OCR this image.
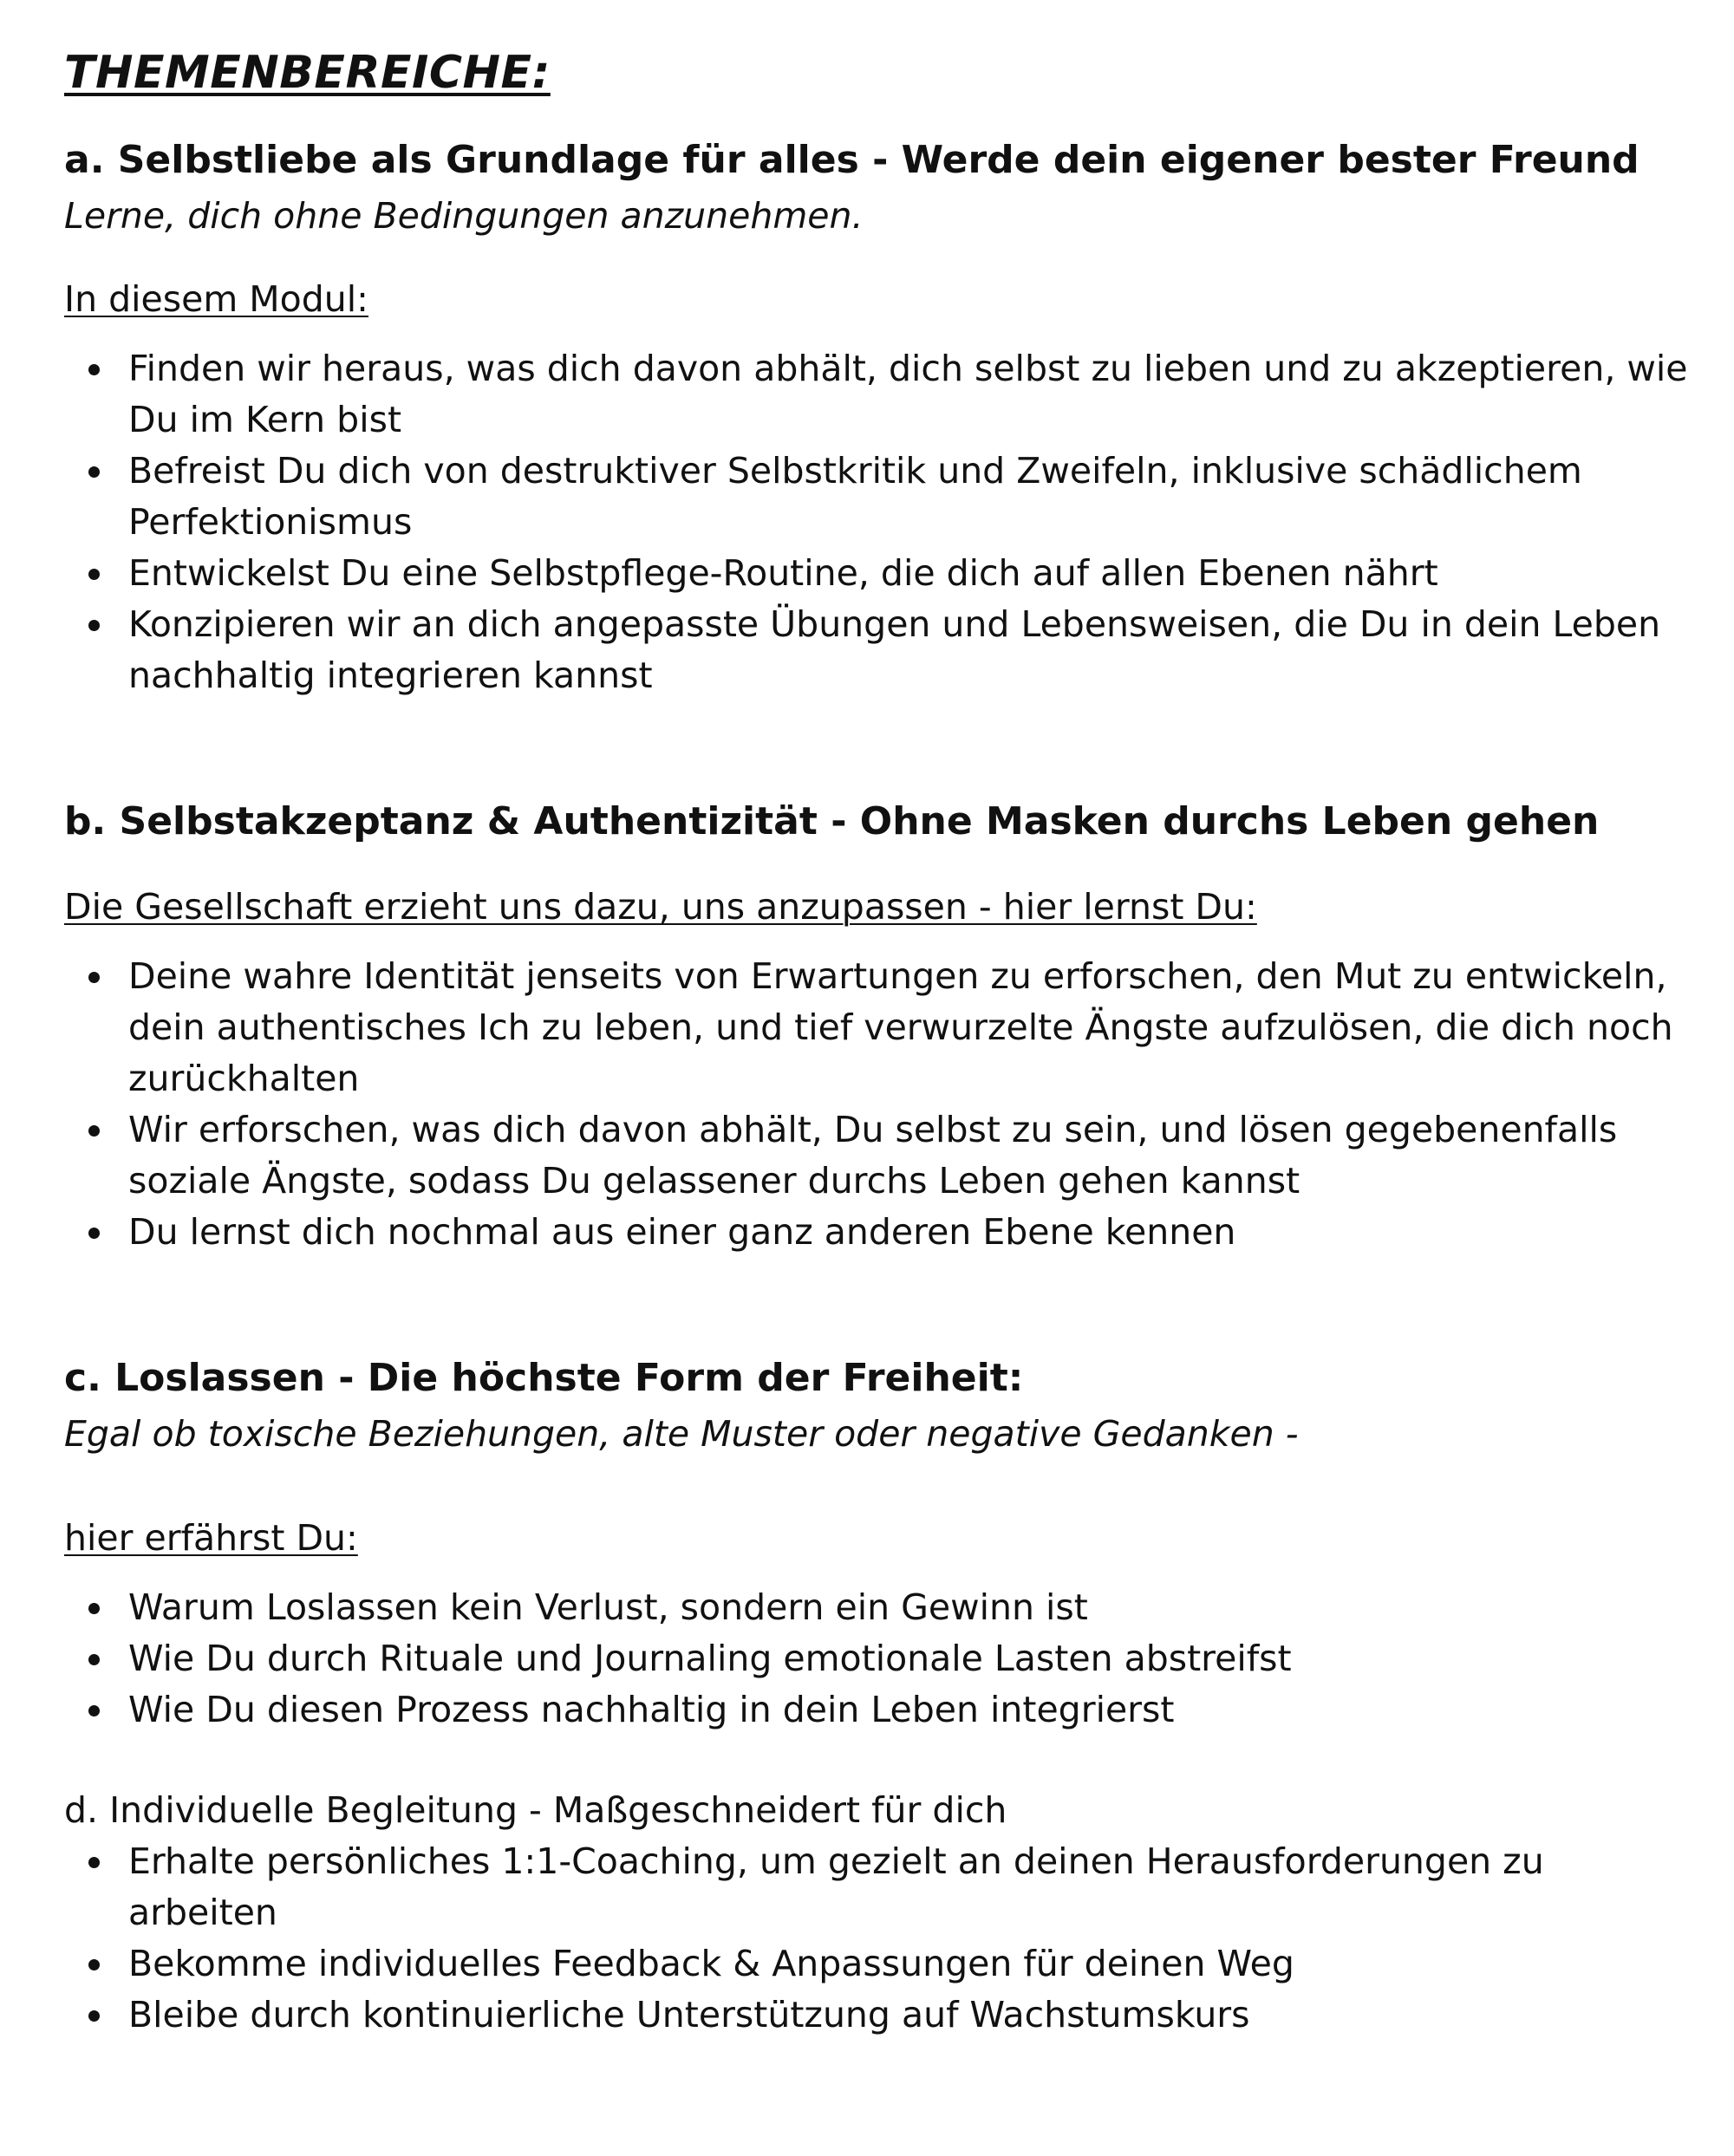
THEMENBEREICHE:
a. Selbstliebe als Grundlage für alles - Werde dein eigener bester Freund

Lerne, dich ohne Bedingungen anzunehmen.

In diesem Modul:

Finden wir heraus, was dich davon abhält, dich selbst zu lieben und zu akzeptieren, wie Du im Kern bist
Befreist Du dich von destruktiver Selbstkritik und Zweifeln, inklusive schädlichem Perfektionismus
Entwickelst Du eine Selbstpflege-Routine, die dich auf allen Ebenen nährt
Konzipieren wir an dich angepasste Übungen und Lebensweisen, die Du in dein Leben nachhaltig integrieren kannst
b. Selbstakzeptanz & Authentizität - Ohne Masken durchs Leben gehen

Die Gesellschaft erzieht uns dazu, uns anzupassen - hier lernst Du:

Deine wahre Identität jenseits von Erwartungen zu erforschen, den Mut zu entwickeln, dein authentisches Ich zu leben, und tief verwurzelte Ängste aufzulösen, die dich noch zurückhalten
Wir erforschen, was dich davon abhält, Du selbst zu sein, und lösen gegebenenfalls soziale Ängste, sodass Du gelassener durchs Leben gehen kannst
Du lernst dich nochmal aus einer ganz anderen Ebene kennen
c. Loslassen - Die höchste Form der Freiheit:

Egal ob toxische Beziehungen, alte Muster oder negative Gedanken -

hier erfährst Du:

Warum Loslassen kein Verlust, sondern ein Gewinn ist
Wie Du durch Rituale und Journaling emotionale Lasten abstreifst
Wie Du diesen Prozess nachhaltig in dein Leben integrierst

d. Individuelle Begleitung - Maßgeschneidert für dich

Erhalte persönliches 1:1-Coaching, um gezielt an deinen Herausforderungen zu arbeiten
Bekomme individuelles Feedback & Anpassungen für deinen Weg
Bleibe durch kontinuierliche Unterstützung auf Wachstumskurs
